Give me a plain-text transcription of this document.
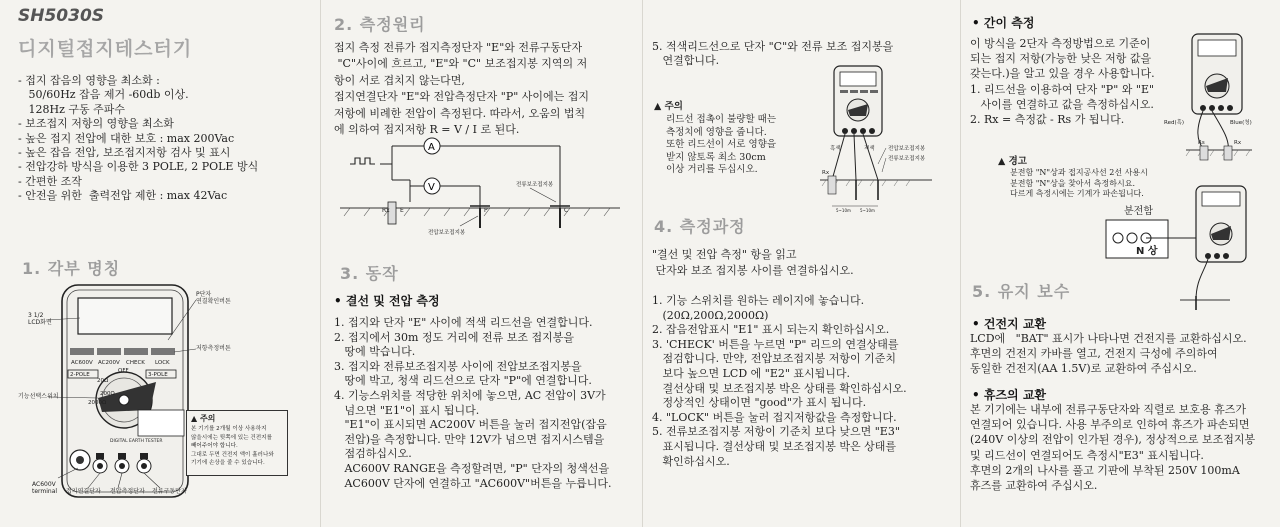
SH5030S
디지털접지테스터기
- 접지 잡음의 영향을 최소화 :
50/60Hz 잡음 제거 -60db 이상.
128Hz 구동 주파수
- 보조접지 저항의 영향을 최소화
- 높은 접지 전압에 대한 보호 : max 200Vac
- 높은 잡음 전압, 보조접지저항 검사 및 표시
- 전압강하 방식을 이용한 3 POLE, 2 POLE 방식
- 간편한 조작
- 안전을 위한  출력전압 제한 : max 42Vac
1. 각부 명칭
AC600V AC200V CHECK LOCK
2-POLE	3-POLE
20Ω
OFF
200Ω
2000Ω
DIGITAL EARTH TESTER
3 1/2
LCD화면
P단자
연결확인버튼
저항측정버튼
기능선택스위치
AC600V
terminal 접지연결단자 전압측정단자 전류구동단자
▲ 주의
본 기기를 2개월 이상 사용하지
않을시에는 뒷쪽에 있는 건전지를
빼어주어야 합니다.
그대로 두면 건전지 액이 흘러나와
기기에 손상을 줄 수 있습니다.
2. 측정원리
접지 측정 전류가 접지측정단자 "E"와 전류구동단자
"C"사이에 흐르고, "E"와 "C" 보조접지봉 지역의 저
항이 서로 겹치지 않는다면,
접지연결단자 "E"와 전압측정단자 "P" 사이에는 접지
저항에 비례한 전압이 측정된다. 따라서, 오움의 법칙
에 의하여 접지저항 R = V / I 로 된다.
A
V
Rx E	P	C
전류보조접지봉
전압보조접지봉
3. 동작
• 결선 및 전압 측정
1. 접지와 단자 "E" 사이에 적색 리드선을 연결합니다.
2. 접지에서 30m 정도 거리에 전류 보조 접지봉을
땅에 박습니다.
3. 접지와 전류보조접지봉 사이에 전압보조접지봉을
땅에 박고, 청색 리드선으로 단자 "P"에 연결합니다.
4. 기능스위치를 적당한 위치에 놓으면, AC 전압이 3V가
넘으면 "E1"이 표시 됩니다.
"E1"이 표시되면 AC200V 버튼을 눌러 접지전압(잡음
전압)을 측정합니다. 만약 12V가 넘으면 접지시스템을
점검하십시오.
AC600V RANGE을 측정할려면, "P" 단자의 청색선을
AC600V 단자에 연결하고 "AC600V"버튼을 누릅니다.
5. 적색리드선으로 단자 "C"와 전류 보조 접지봉을
연결합니다.
▲ 주의
리드선 접촉이 불량할 때는
측정치에 영향을 줍니다.
또한 리드선이 서로 영향을
받지 않토록 최소 30cm
이상 거리를 두십시오.
흑색	적색 전압보조접지봉
전류보조접지봉
Rx
5~10m 5~10m
4. 측정과정
"결선 및 전압 측정" 항을 읽고
단자와 보조 접지봉 사이를 연결하십시오.
1. 기능 스위치를 원하는 레이지에 놓습니다.
(20Ω,200Ω,2000Ω)
2. 잡음전압표시 "E1" 표시 되는지 확인하십시오.
3. 'CHECK' 버튼을 누르면 "P" 리드의 연결상태를
점검합니다. 만약, 전압보조접지봉 저항이 기준치
보다 높으면 LCD 에 "E2" 표시됩니다.
결선상태 및 보조접지봉 박은 상태를 확인하십시오.
정상적인 상태이면 "good"가 표시 됩니다.
4. "LOCK" 버튼을 눌러 접지저항값을 측정합니다.
5. 전류보조접지봉 저항이 기준치 보다 낮으면 "E3"
표시됩니다. 결선상태 및 보조접지봉 박은 상태를
확인하십시오.
• 간이 측정
이 방식을 2단자 측정방법으로 기준이
되는 접지 저항(가능한 낮은 저항 값을
갖는다.)을 알고 있을 경우 사용합니다.
1. 리드선을 이용하여 단자 "P" 와 "E"
사이를 연결하고 값을 측정하십시오.
2. Rx = 측정값 - Rs 가 됩니다.	Red(흑)	Blue(청)
Rs	Rx
▲ 경고
분전함 "N"상과 접지공사선 2선 사용시
분전함 "N"상을 찾아서 측정하시요.
다르게 측정시에는 기계가 파손됩니다.
분전함
N 상
5. 유지 보수
• 건전지 교환
LCD에   "BAT" 표시가 나타나면 건전지를 교환하십시오.
후면의 건전지 카바를 열고, 건전지 극성에 주의하여
동일한 건전지(AA 1.5V)로 교환하여 주십시오.
• 휴즈의 교환
본 기기에는 내부에 전류구동단자와 직렬로 보호용 휴즈가
연결되어 있습니다. 사용 부주의로 인하여 휴즈가 파손되면
(240V 이상의 전압이 인가된 경우), 정상적으로 보조접지봉
및 리드선이 연결되어도 측정시"E3" 표시됩니다.
후면의 2개의 나사를 풀고 기판에 부착된 250V 100mA
휴즈를 교환하여 주십시오.
